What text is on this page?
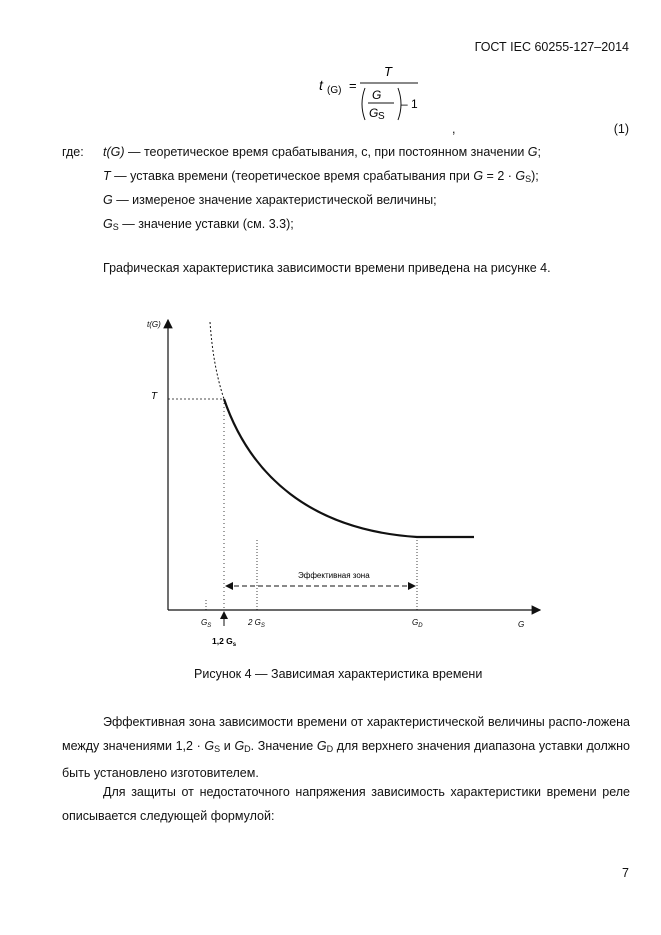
ГОСТ IEC 60255-127–2014
t (G) =
T
G
G S
– 1
,	(1)
где: t(G) — теоретическое время срабатывания, с, при постоянном значении G;
T — уставка времени (теоретическое время срабатывания при $G = 2 \cdot G_S$);
G — измереное значение характеристической величины;
$G_S$ — значение уставки (см. 3.3);
Графическая характеристика зависимости времени приведена на рисунке 4.
t(G)
T
Эффективная зона
$G_S$	2 $G_S$	$G_D$	G
1,2 $G_s$
Рисунок 4 — Зависимая характеристика времени
Эффективная зона зависимости времени от характеристической величины распо-ложена между значениями $1,2 \cdot G_S$ и $G_D$. Значение $G_D$ для верхнего значения диапазона уставки должно быть установлено изготовителем.
Для защиты от недостаточного напряжения зависимость характеристики времени реле описывается следующей формулой:
7
